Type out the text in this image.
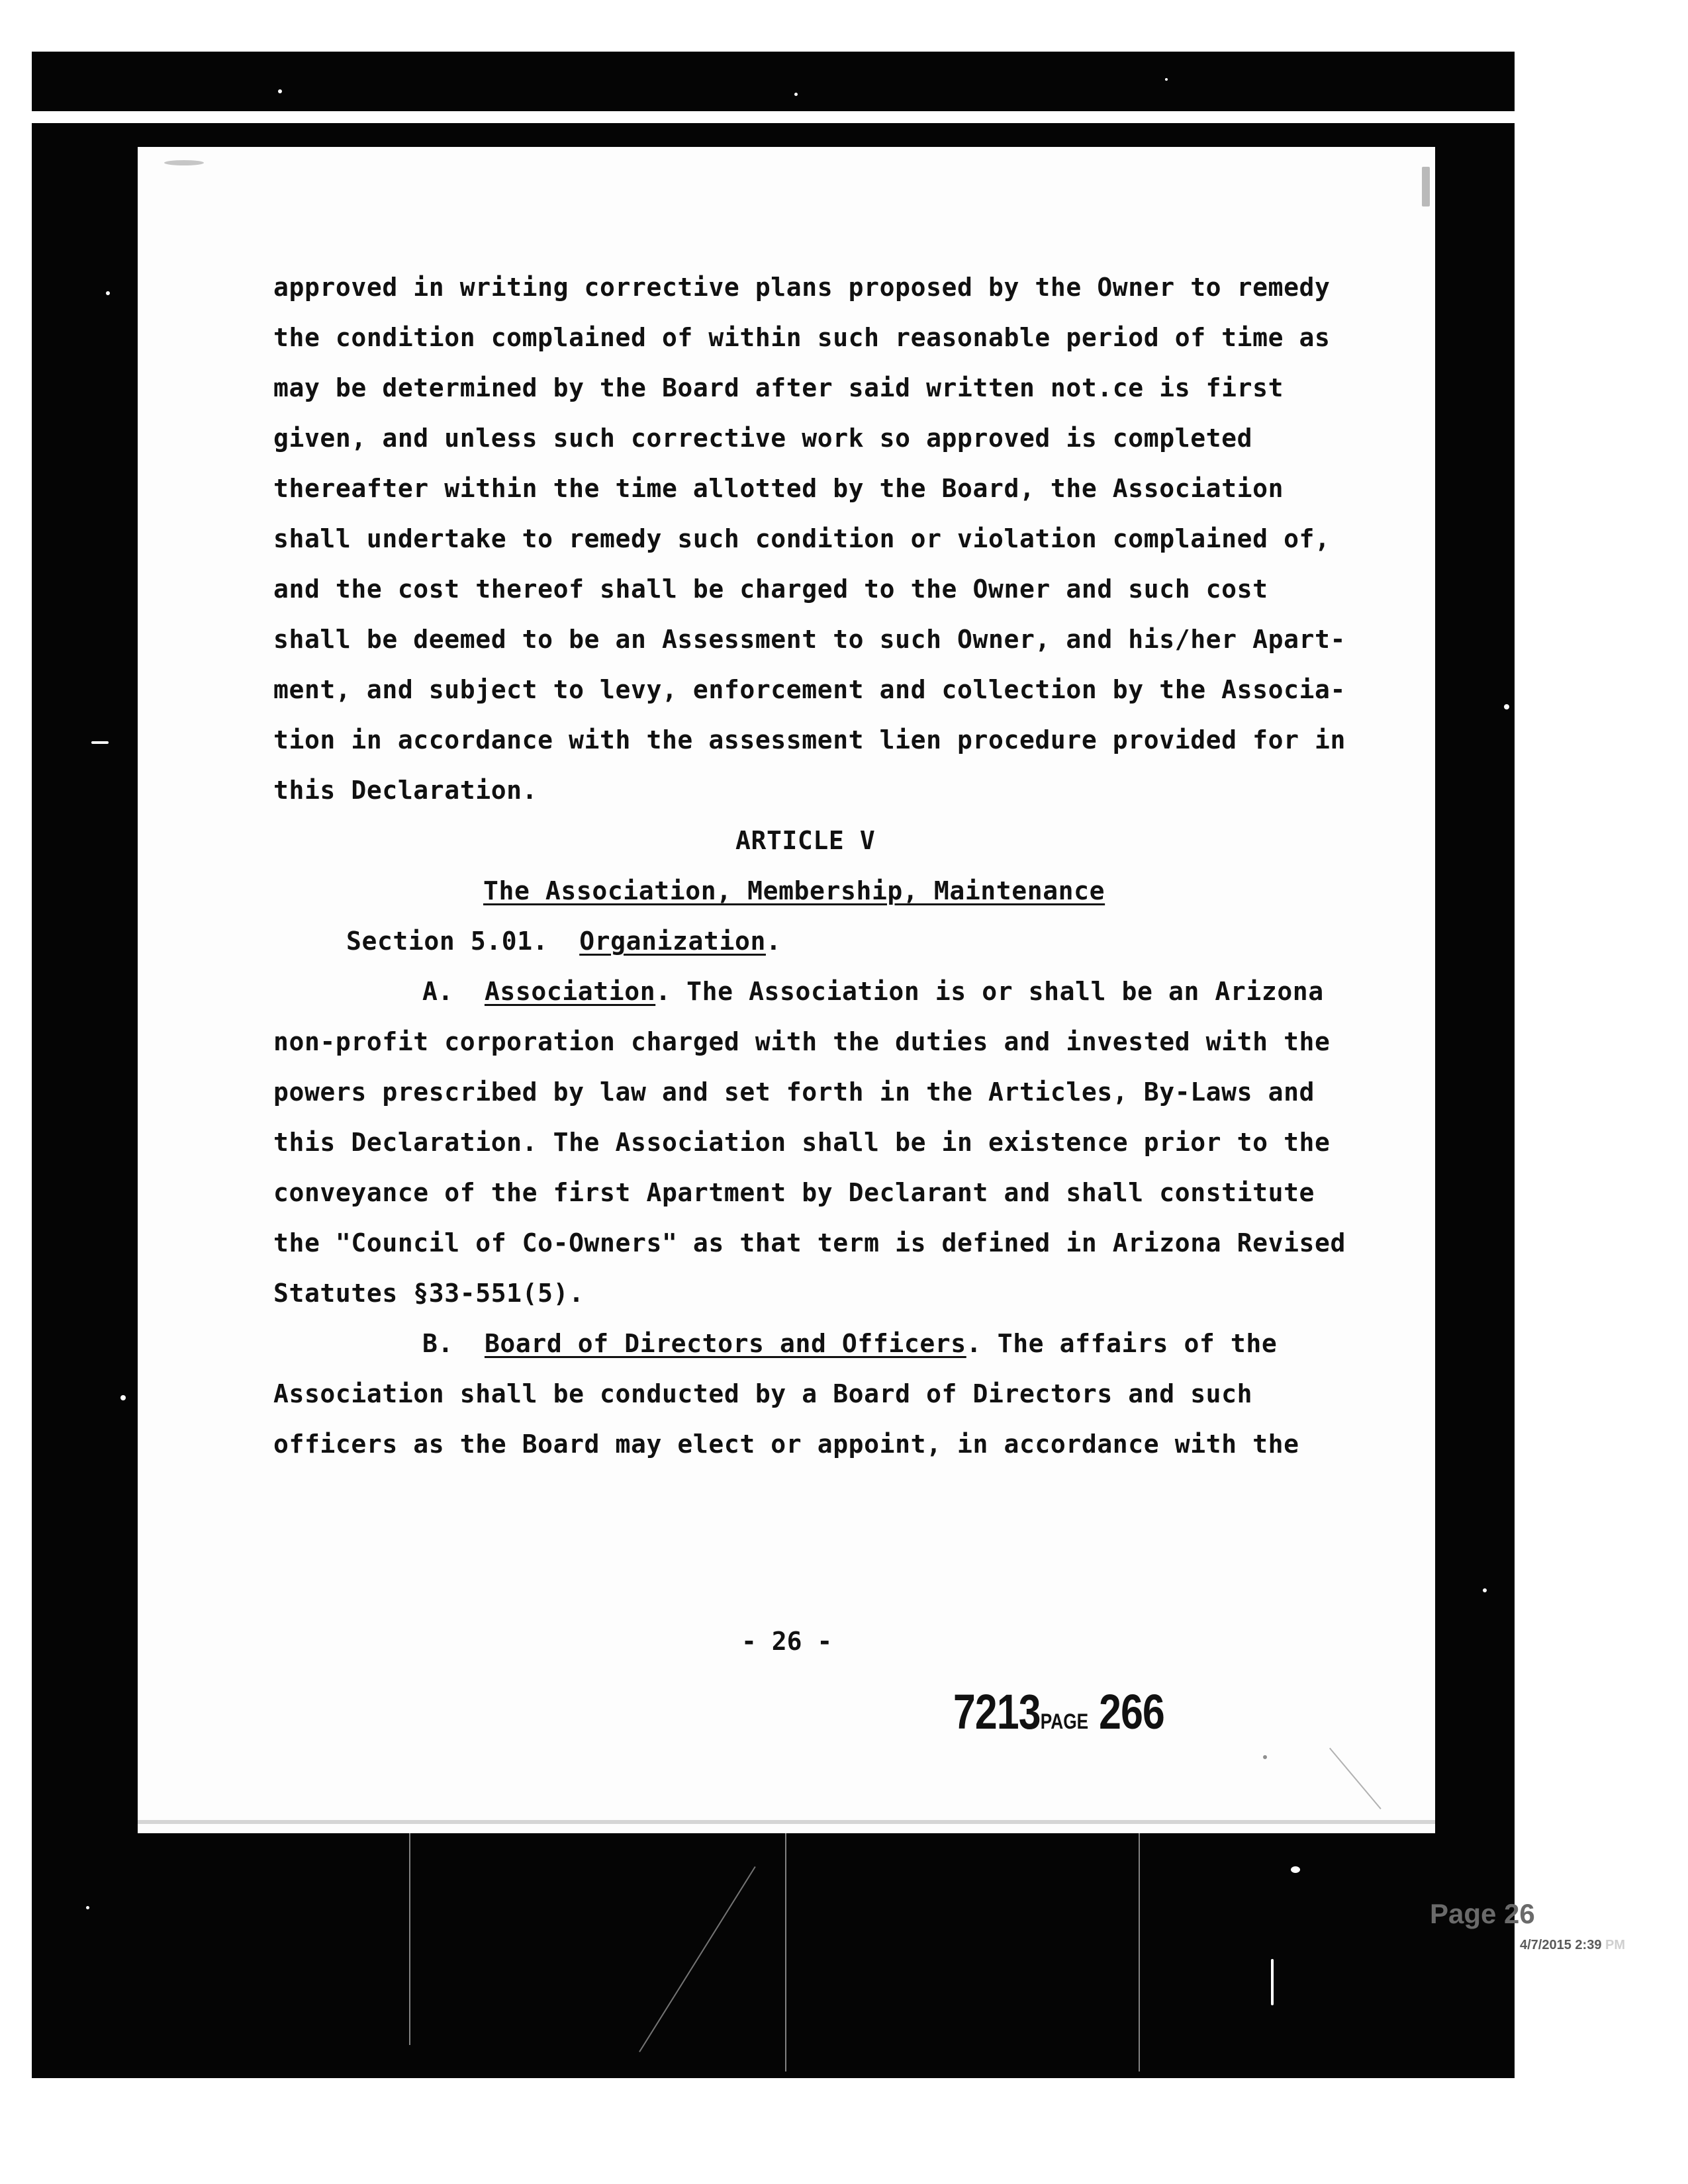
approved in writing corrective plans proposed by the Owner to remedy
the condition complained of within such reasonable period of time as
may be determined by the Board after said written not.ce is first
given, and unless such corrective work so approved is completed
thereafter within the time allotted by the Board, the Association
shall undertake to remedy such condition or violation complained of,
and the cost thereof shall be charged to the Owner and such cost
shall be deemed to be an Assessment to such Owner, and his/her Apart-
ment, and subject to levy, enforcement and collection by the Associa-
tion in accordance with the assessment lien procedure provided for in
this Declaration.
ARTICLE V
The Association, Membership, Maintenance
Section 5.01. Organization.
A. Association. The Association is or shall be an Arizona
non-profit corporation charged with the duties and invested with the
powers prescribed by law and set forth in the Articles, By-Laws and
this Declaration. The Association shall be in existence prior to the
conveyance of the first Apartment by Declarant and shall constitute
the "Council of Co-Owners" as that term is defined in Arizona Revised
Statutes §33-551(5).
B. Board of Directors and Officers. The affairs of the
Association shall be conducted by a Board of Directors and such
officers as the Board may elect or appoint, in accordance with the
- 26 -
7213PAGE 266
Page 26 of 78
4/7/2015 2:39 PM
